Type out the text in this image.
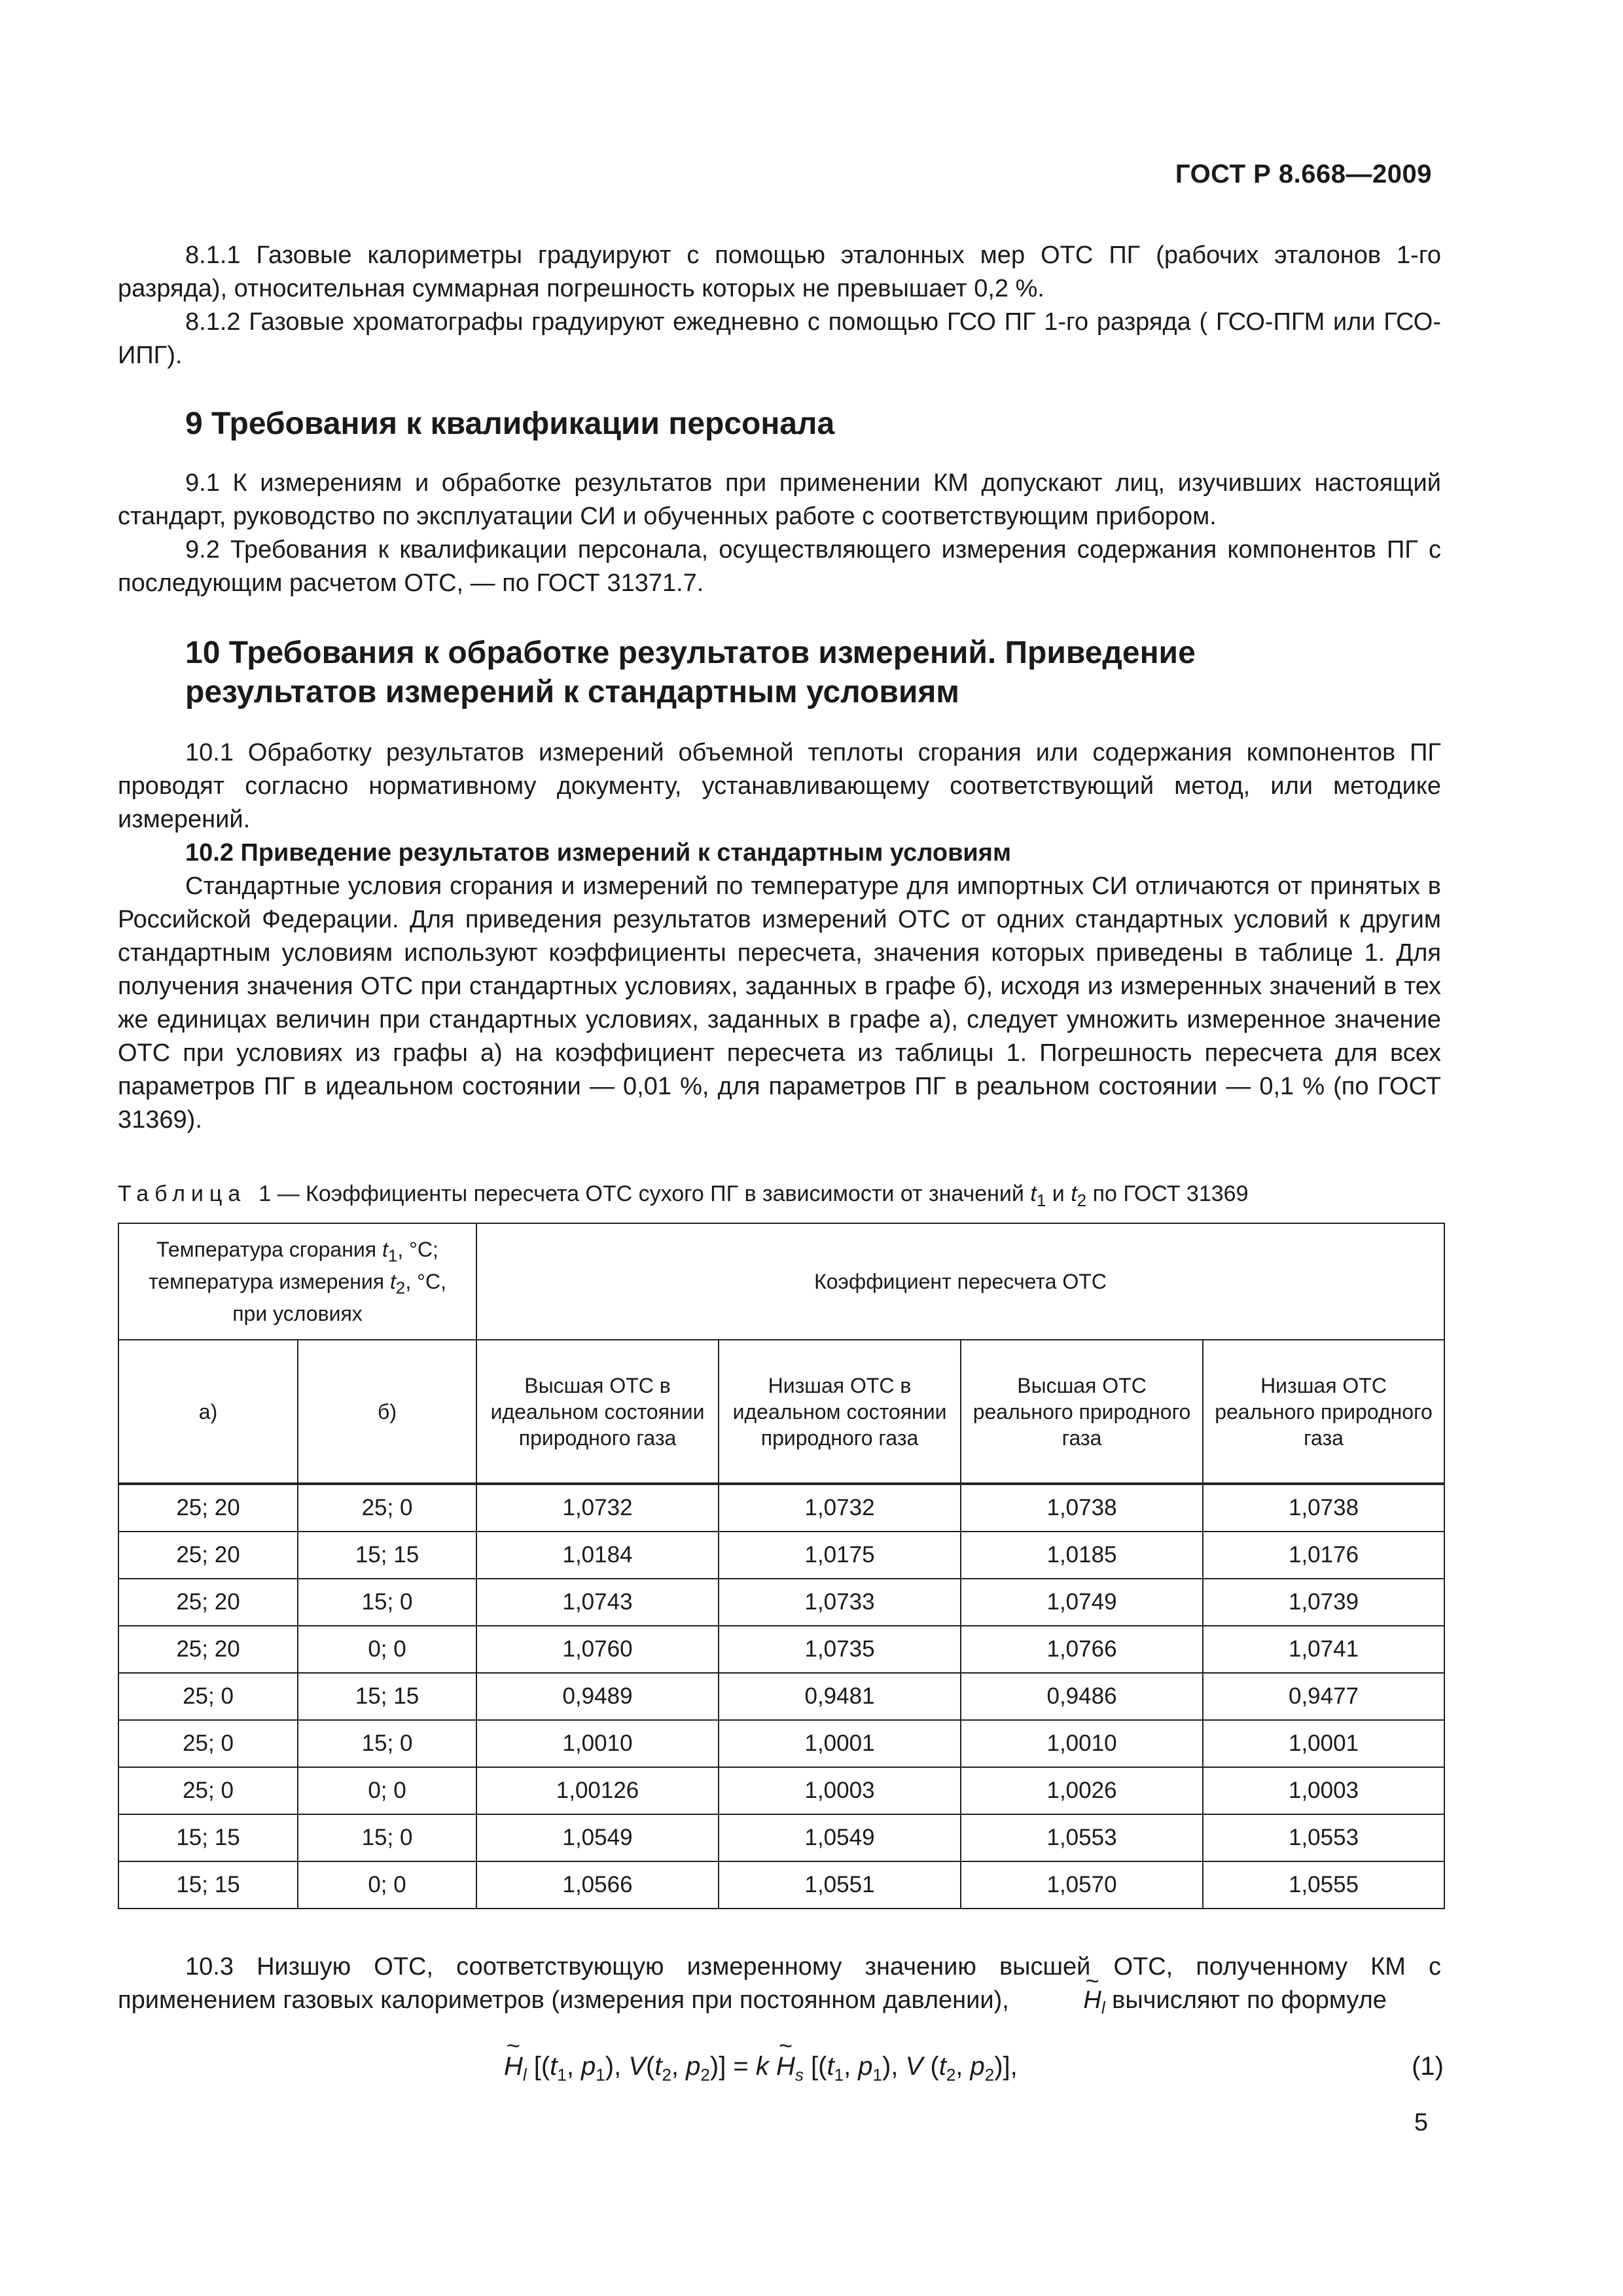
ГОСТ Р 8.668—2009

8.1.1 Газовые калориметры градуируют с помощью эталонных мер ОТС ПГ (рабочих эталонов 1-го разряда), относительная суммарная погрешность которых не превышает 0,2 %.

8.1.2 Газовые хроматографы градуируют ежедневно с помощью ГСО ПГ 1-го разряда ( ГСО-ПГМ или ГСО-ИПГ).

9 Требования к квалификации персонала

9.1 К измерениям и обработке результатов при применении КМ допускают лиц, изучивших настоящий стандарт, руководство по эксплуатации СИ и обученных работе с соответствующим прибором.

9.2 Требования к квалификации персонала, осуществляющего измерения содержания компонентов ПГ с последующим расчетом ОТС, — по ГОСТ 31371.7.

10 Требования к обработке результатов измерений. Приведение
результатов измерений к стандартным условиям

10.1 Обработку результатов измерений объемной теплоты сгорания или содержания компонентов ПГ проводят согласно нормативному документу, устанавливающему соответствующий метод, или методике измерений.

10.2 Приведение результатов измерений к стандартным условиям

Стандартные условия сгорания и измерений по температуре для импортных СИ отличаются от принятых в Российской Федерации. Для приведения результатов измерений ОТС от одних стандартных условий к другим стандартным условиям используют коэффициенты пересчета, значения которых приведены в таблице 1. Для получения значения ОТС при стандартных условиях, заданных в графе б), исходя из измеренных значений в тех же единицах величин при стандартных условиях, заданных в графе а), следует умножить измеренное значение ОТС при условиях из графы а) на коэффициент пересчета из таблицы 1. Погрешность пересчета для всех параметров ПГ в идеальном состоянии — 0,01 %, для параметров ПГ в реальном состоянии — 0,1 % (по ГОСТ 31369).

Таблица 1 — Коэффициенты пересчета ОТС сухого ПГ в зависимости от значений $t_1$ и $t_2$ по ГОСТ 31369
Температура сгорания $t_1$, °C;
температура измерения $t_2$, °C,
при условиях		Коэффициент пересчета ОТС			
а)	б)	Высшая ОТС в идеальном состоянии природного газа	Низшая ОТС в идеальном состоянии природного газа	Высшая ОТС реального природного газа	Низшая ОТС реального природного газа
25; 20	25; 0	1,0732	1,0732	1,0738	1,0738
25; 20	15; 15	1,0184	1,0175	1,0185	1,0176
25; 20	15; 0	1,0743	1,0733	1,0749	1,0739
25; 20	0; 0	1,0760	1,0735	1,0766	1,0741
25; 0	15; 15	0,9489	0,9481	0,9486	0,9477
25; 0	15; 0	1,0010	1,0001	1,0010	1,0001
25; 0	0; 0	1,00126	1,0003	1,0026	1,0003
15; 15	15; 0	1,0549	1,0549	1,0553	1,0553
15; 15	0; 0	1,0566	1,0551	1,0570	1,0555

10.3 Низшую ОТС, соответствующую измеренному значению высшей ОТС, полученному КМ с применением газовых калориметров (измерения при постоянном давлении),	~ $H_l$ вычисляют по формуле

~ $H_l$ [($t_1$, $p_1$), $V(t_2$, $p_2)] = k$ ~ $H_s$ [($t_1$, $p_1$), V ($t_2$, $p_2$)],	(1)
5
